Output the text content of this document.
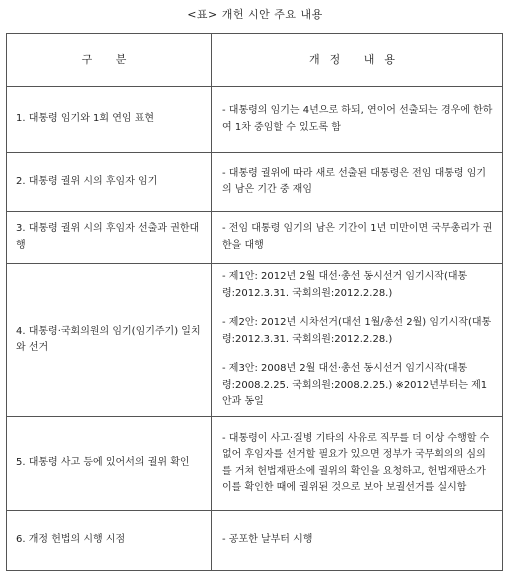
<표> 개헌 시안 주요 내용
구 분	개정 내용
1. 대통령 임기와 1회 연임 표현	- 대통령의 임기는 4년으로 하되, 연이어 선출되는 경우에 한하여 1차 중임할 수 있도록 함

2. 대통령 궐위 시의 후임자 임기	- 대통령 궐위에 따라 새로 선출된 대통령은 전임 대통령 임기의 남은 기간 중 재임

3. 대통령 궐위 시의 후임자 선출과 권한대행	- 전임 대통령 임기의 남은 기간이 1년 미만이면 국무총리가 권한을 대행

4. 대통령·국회의원의 임기(임기주기) 일치와 선거	- 제1안: 2012년 2월 대선·총선 동시선거 임기시작(대통령:2012.3.31. 국회의원:2012.2.28.)

- 제2안: 2012년 시차선거(대선 1월/총선 2월) 임기시작(대통령:2012.3.31. 국회의원:2012.2.28.)

- 제3안: 2008년 2월 대선·총선 동시선거 임기시작(대통령:2008.2.25. 국회의원:2008.2.25.) ※2012년부터는 제1안과 동일

5. 대통령 사고 등에 있어서의 궐위 확인	- 대통령이 사고·질병 기타의 사유로 직무를 더 이상 수행할 수 없어 후임자를 선거할 필요가 있으면 정부가 국무회의의 심의를 거쳐 헌법재판소에 궐위의 확인을 요청하고, 헌법재판소가 이를 확인한 때에 궐위된 것으로 보아 보궐선거를 실시함

6. 개정 헌법의 시행 시점	- 공포한 날부터 시행
